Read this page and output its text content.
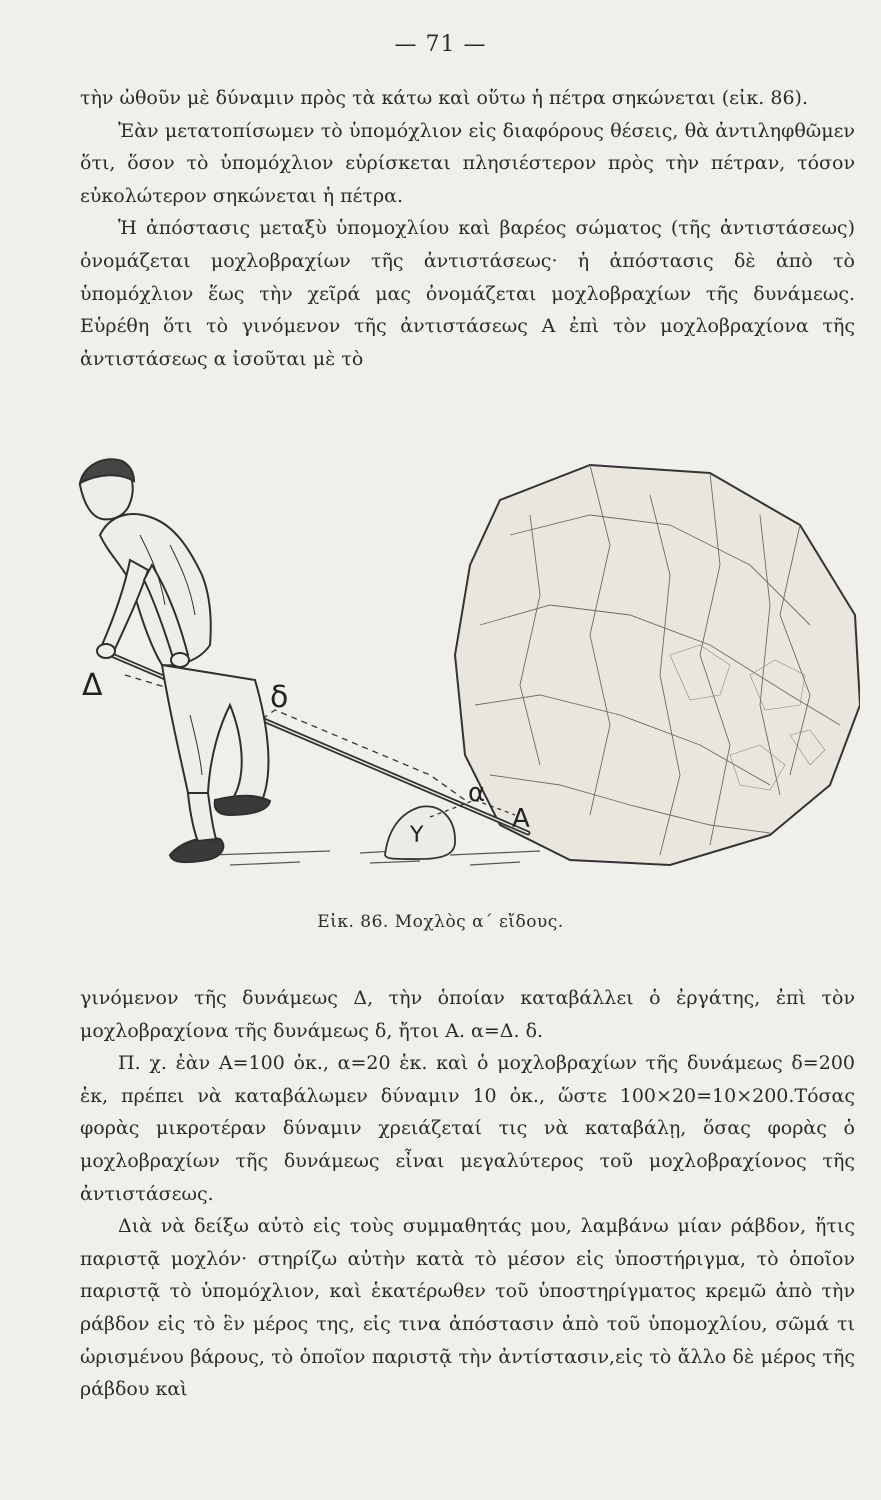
— 71 —

τὴν ὠθοῦν μὲ δύναμιν πρὸς τὰ κάτω καὶ οὕτω ἡ πέτρα σηκώνεται (εἰκ. 86).

Ἐὰν μετατοπίσωμεν τὸ ὑπομόχλιον εἰς διαφόρους θέσεις, θὰ ἀντιληφθῶμεν ὅτι, ὅσον τὸ ὑπομόχλιον εὑρίσκεται πλησιέστερον πρὸς τὴν πέτραν, τόσον εὐκολώτερον σηκώνεται ἡ πέτρα.

Ἡ ἀπόστασις μεταξὺ ὑπομοχλίου καὶ βαρέος σώματος (τῆς ἀντιστάσεως) ὀνομάζεται μοχλοβραχίων τῆς ἀντιστάσεως· ἡ ἀπόστασις δὲ ἀπὸ τὸ ὑπομόχλιον ἕως τὴν χεῖρά μας ὀνομάζεται μοχλοβραχίων τῆς δυνάμεως. Εὑρέθη ὅτι τὸ γινόμενον τῆς ἀντιστάσεως Α ἐπὶ τὸν μοχλοβραχίονα τῆς ἀντιστάσεως α ἰσοῦται μὲ τὸ

Δ	δ
α
Α
Υ
Εἰκ. 86. Μοχλὸς α΄ εἴδους.

γινόμενον τῆς δυνάμεως Δ, τὴν ὁποίαν καταβάλλει ὁ ἐργάτης, ἐπὶ τὸν μοχλοβραχίονα τῆς δυνάμεως δ, ἤτοι Α. α=Δ. δ.

Π. χ. ἐὰν Α=100 ὀκ., α=20 ἑκ. καὶ ὁ μοχλοβραχίων τῆς δυνάμεως δ=200 ἑκ, πρέπει νὰ καταβάλωμεν δύναμιν 10 ὀκ., ὥστε 100×20=10×200.Τόσας φορὰς μικροτέραν δύναμιν χρειάζεταί τις νὰ καταβάλῃ, ὅσας φορὰς ὁ μοχλοβραχίων τῆς δυνάμεως εἶναι μεγαλύτερος τοῦ μοχλοβραχίονος τῆς ἀντιστάσεως.

Διὰ νὰ δείξω αὐτὸ εἰς τοὺς συμμαθητάς μου, λαμβάνω μίαν ράβδον, ἥτις παριστᾷ μοχλόν· στηρίζω αὐτὴν κατὰ τὸ μέσον εἰς ὑποστήριγμα, τὸ ὁποῖον παριστᾷ τὸ ὑπομόχλιον, καὶ ἑκατέρωθεν τοῦ ὑποστηρίγματος κρεμῶ ἀπὸ τὴν ράβδον εἰς τὸ ἓν μέρος της, εἰς τινα ἀπόστασιν ἀπὸ τοῦ ὑπομοχλίου, σῶμά τι ὡρισμένου βάρους, τὸ ὁποῖον παριστᾷ τὴν ἀντίστασιν,εἰς τὸ ἄλλο δὲ μέρος τῆς ράβδου καὶ
